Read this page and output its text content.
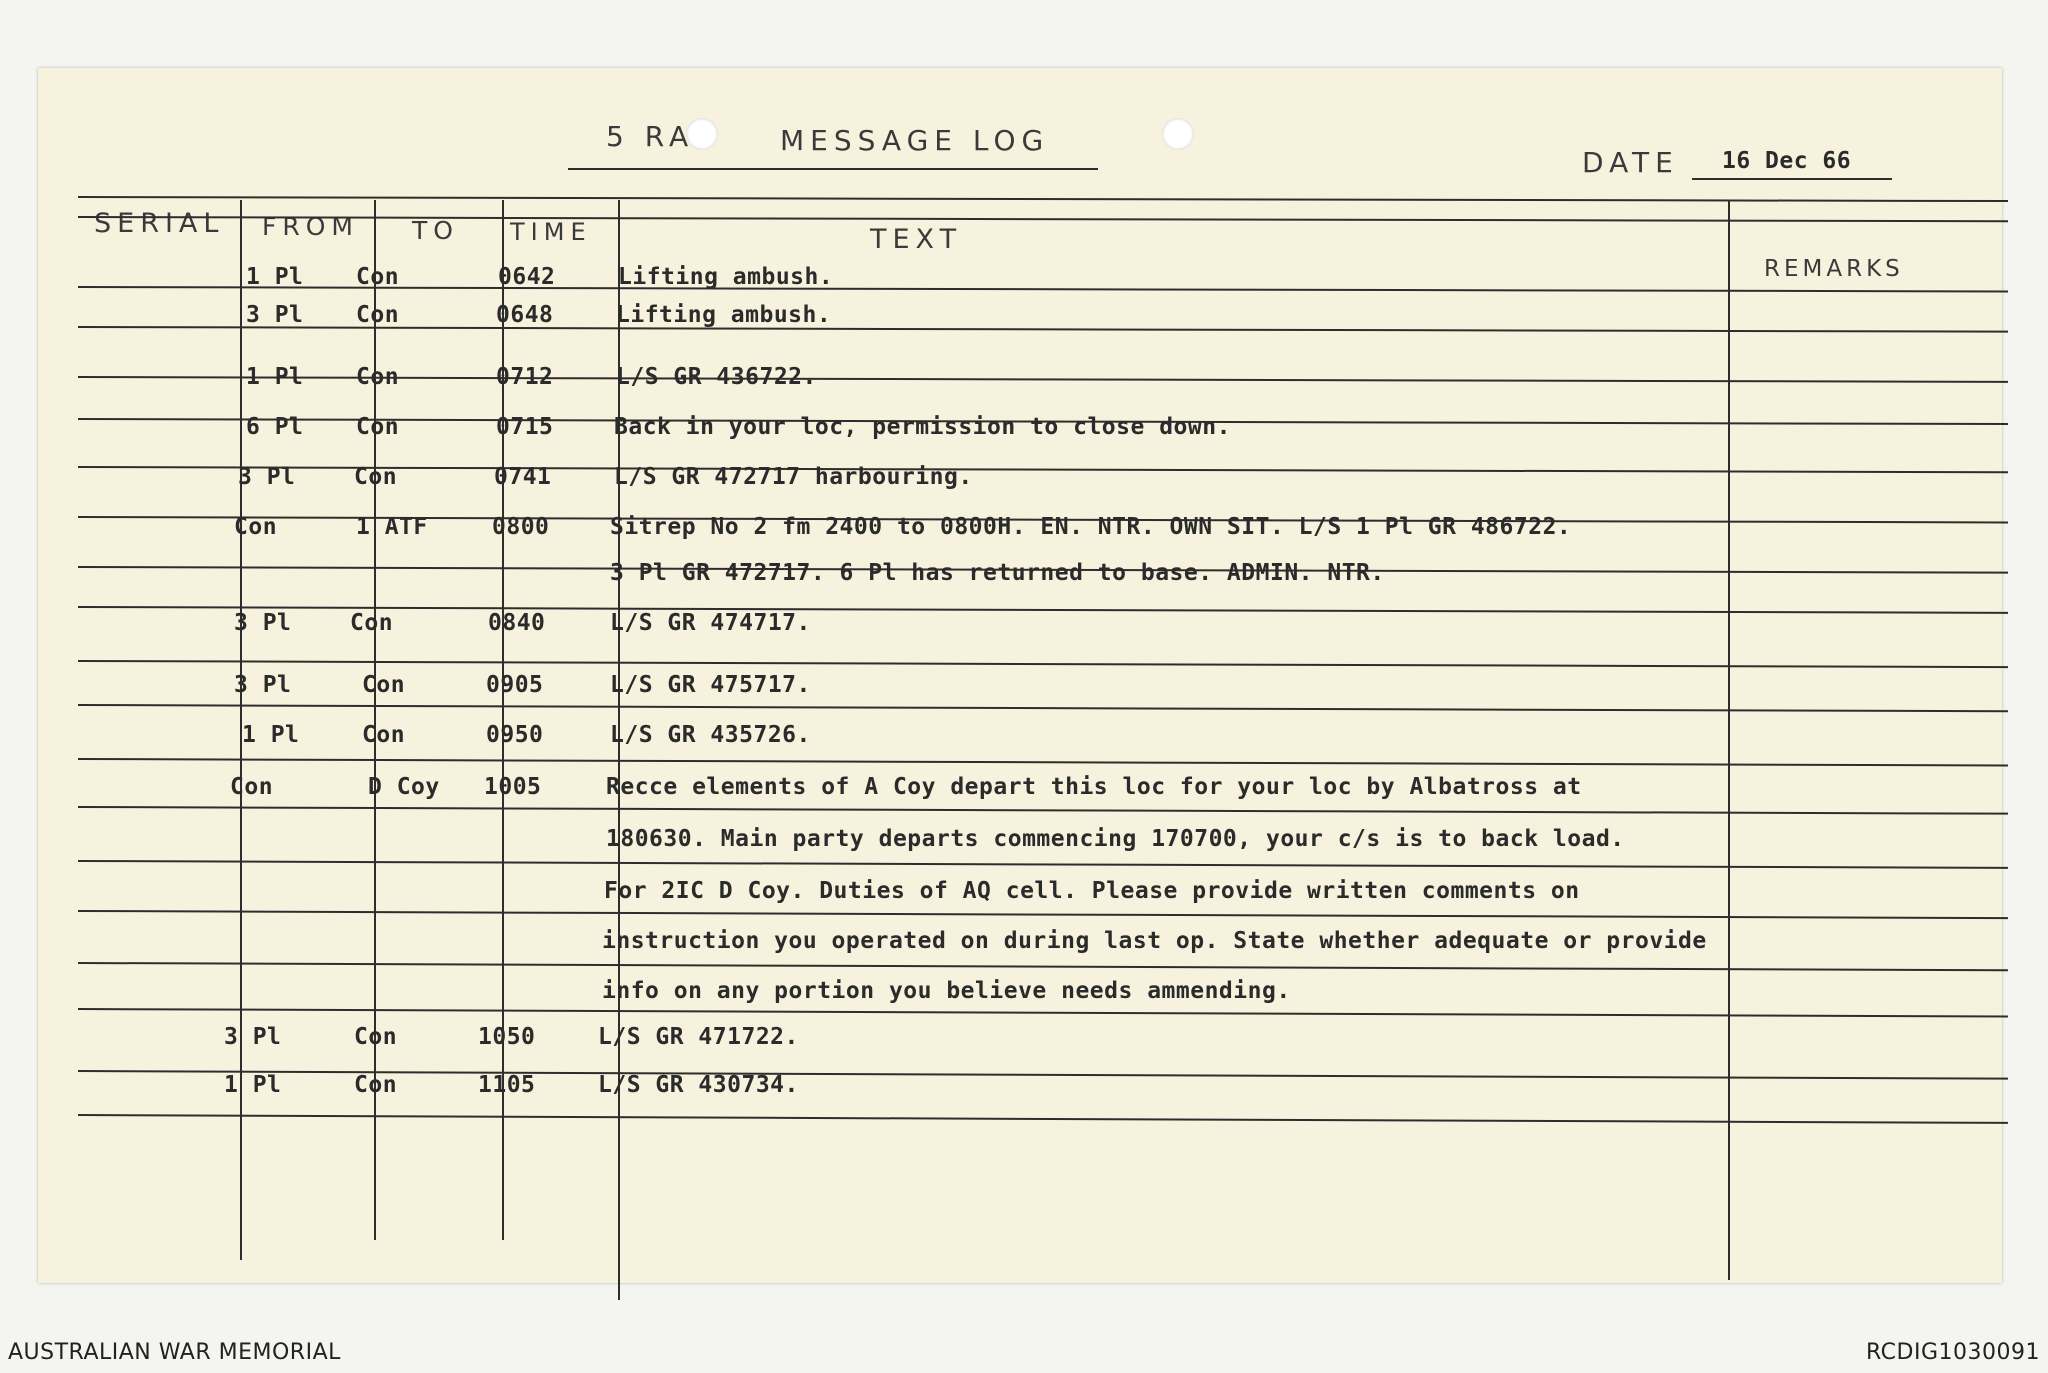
5 RA	MESSAGE LOG
DATE 16 Dec 66
SERIAL FROM TO TIME	TEXT
REMARKS
1 Pl Con	0642	Lifting ambush.
3 Pl Con	0648	Lifting ambush.
1 Pl Con	0712	L/S GR 436722.
6 Pl Con	0715	Back in your loc, permission to close down.
3 Pl	Con	0741	L/S GR 472717 harbouring.
Con	1 ATF	0800	Sitrep No 2 fm 2400 to 0800H. EN. NTR. OWN SIT. L/S 1 Pl GR 486722.
3 Pl GR 472717. 6 Pl has returned to base. ADMIN. NTR.
3 Pl	Con	0840	L/S GR 474717.
3 Pl	Con	0905	L/S GR 475717.
1 Pl	Con	0950	L/S GR 435726.
Con	D Coy 1005	Recce elements of A Coy depart this loc for your loc by Albatross at
180630. Main party departs commencing 170700, your c/s is to back load.
For 2IC D Coy. Duties of AQ cell. Please provide written comments on
instruction you operated on during last op. State whether adequate or provide
info on any portion you believe needs ammending.
3 Pl	Con	1050	L/S GR 471722.
1 Pl	Con	1105	L/S GR 430734.
AUSTRALIAN WAR MEMORIAL	RCDIG1030091
